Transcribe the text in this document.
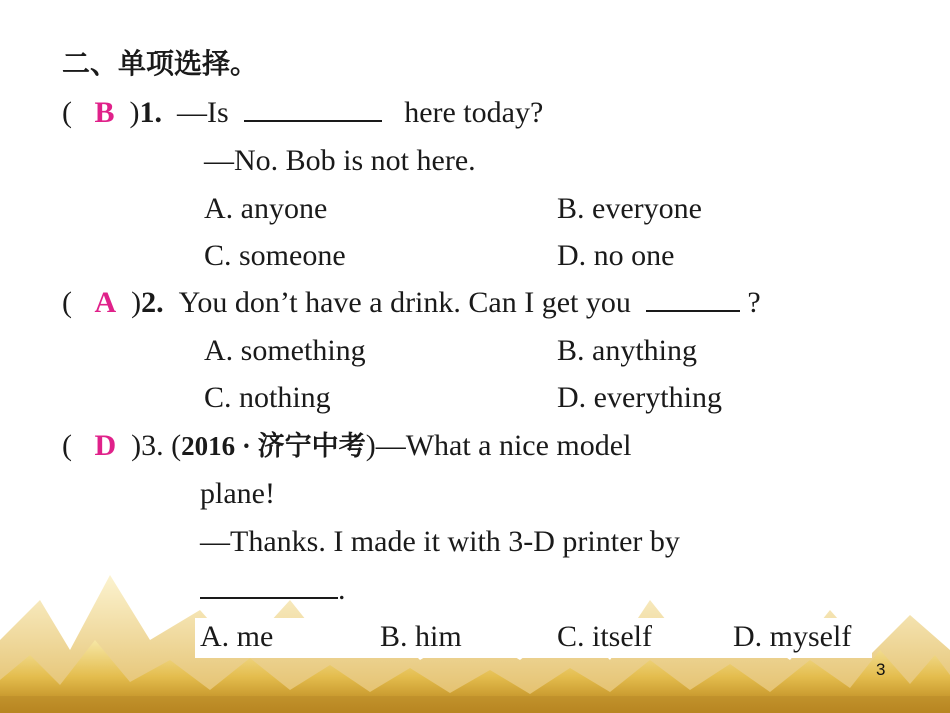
二、单项选择。
(   B  )1. —Is	here today?
—No. Bob is not here.
A. anyone	B. everyone
C. someone	D. no one
(   A  )2. You don’t have a drink. Can I get you	?
A. something	B. anything
C. nothing	D. everything
(   D  )3. (2016 · 济宁中考)—What a nice model
plane!
—Thanks. I made it with 3-D printer by
.
A. me	B. him	C. itself	D. myself
3
